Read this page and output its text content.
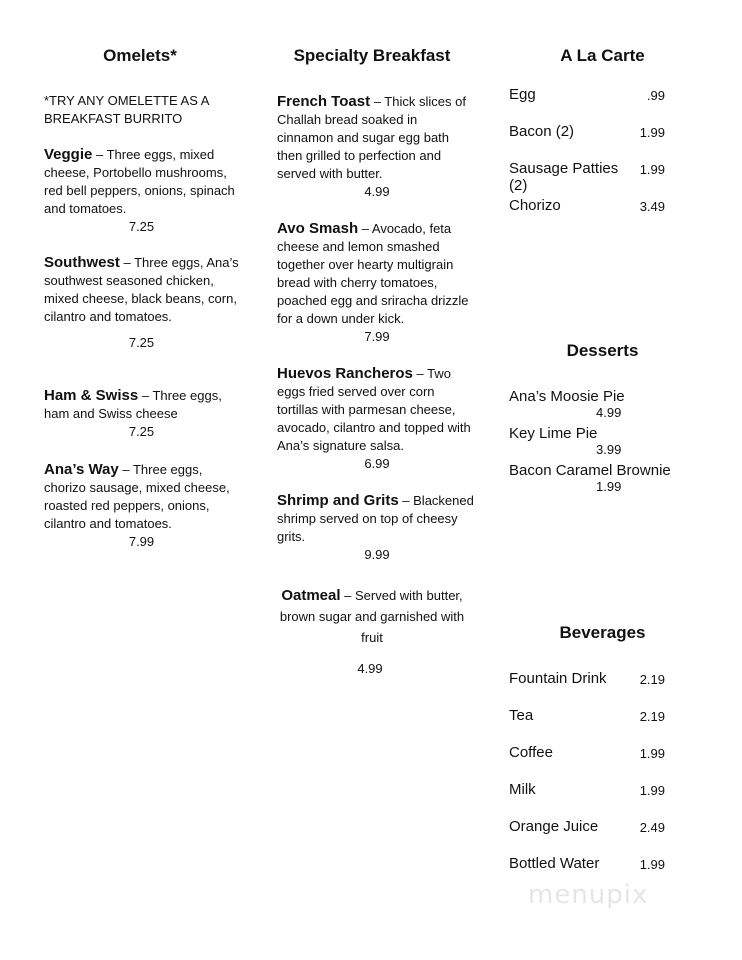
Omelets*
*TRY ANY OMELETTE AS A BREAKFAST BURRITO
Veggie – Three eggs, mixed cheese, Portobello mushrooms, red bell peppers, onions, spinach and tomatoes.
7.25
Southwest – Three eggs, Ana’s southwest seasoned chicken, mixed cheese, black beans, corn, cilantro and tomatoes.
7.25
Ham & Swiss – Three eggs, ham and Swiss cheese
7.25
Ana’s Way – Three eggs, chorizo sausage, mixed cheese, roasted red peppers, onions, cilantro and tomatoes.
7.99
Specialty Breakfast
French Toast – Thick slices of Challah bread soaked in cinnamon and sugar egg bath then grilled to perfection and served with butter.
4.99
Avo Smash – Avocado, feta cheese and lemon smashed together over hearty multigrain bread with cherry tomatoes, poached egg and sriracha drizzle for a down under kick.
7.99
Huevos Rancheros – Two eggs fried served over corn tortillas with parmesan cheese, avocado, cilantro and topped with Ana’s signature salsa.
6.99
Shrimp and Grits – Blackened shrimp served on top of cheesy grits.
9.99
Oatmeal – Served with butter, brown sugar and garnished with fruit
4.99
A La Carte
Egg	.99
Bacon (2)	1.99
Sausage Patties (2)
1.99
Chorizo	3.49
Desserts
Ana’s Moosie Pie
4.99
Key Lime Pie
3.99
Bacon Caramel Brownie
1.99
Beverages
Fountain Drink	2.19
Tea	2.19
Coffee	1.99
Milk	1.99
Orange Juice	2.49
Bottled Water	1.99
menupix
